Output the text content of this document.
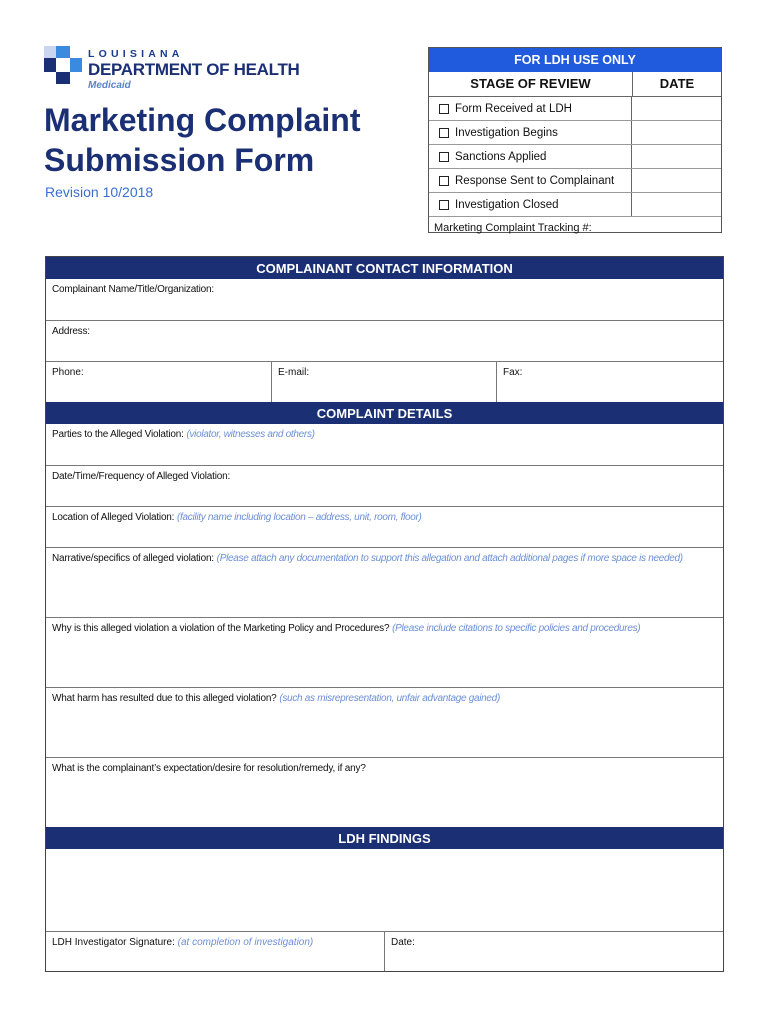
LOUISIANA
DEPARTMENT OF HEALTH
Medicaid
Marketing Complaint Submission Form
Revision 10/2018
FOR LDH USE ONLY
STAGE OF REVIEW	DATE
Form Received at LDH
Investigation Begins
Sanctions Applied
Response Sent to Complainant
Investigation Closed
Marketing Complaint Tracking #:
COMPLAINANT CONTACT INFORMATION
Complainant Name/Title/Organization:
Address:
Phone:	E-mail:	Fax:
COMPLAINT DETAILS
Parties to the Alleged Violation: (violator, witnesses and others)
Date/Time/Frequency of Alleged Violation:
Location of Alleged Violation: (facility name including location – address, unit, room, floor)
Narrative/specifics of alleged violation: (Please attach any documentation to support this allegation and attach additional pages if more space is needed)
Why is this alleged violation a violation of the Marketing Policy and Procedures? (Please include citations to specific policies and procedures)
What harm has resulted due to this alleged violation? (such as misrepresentation, unfair advantage gained)
What is the complainant’s expectation/desire for resolution/remedy, if any?
LDH FINDINGS
LDH Investigator Signature: (at completion of investigation)	Date:
